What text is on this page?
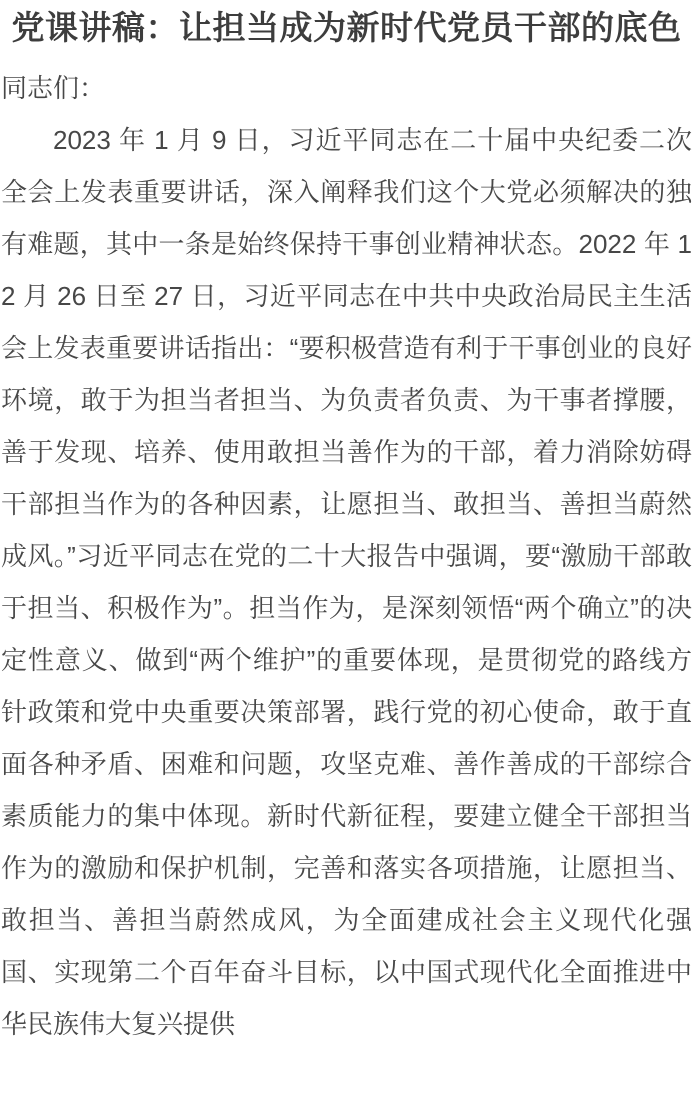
党课讲稿：让担当成为新时代党员干部的底色

同志们：

2023 年 1 月 9 日，习近平同志在二十届中央纪委二次全会上发表重要讲话，深入阐释我们这个大党必须解决的独有难题，其中一条是始终保持干事创业精神状态。2022 年 12 月 26 日至 27 日，习近平同志在中共中央政治局民主生活会上发表重要讲话指出：“要积极营造有利于干事创业的良好环境，敢于为担当者担当、为负责者负责、为干事者撑腰，善于发现、培养、使用敢担当善作为的干部，着力消除妨碍干部担当作为的各种因素，让愿担当、敢担当、善担当蔚然成风。”习近平同志在党的二十大报告中强调，要“激励干部敢于担当、积极作为”。担当作为，是深刻领悟“两个确立”的决定性意义、做到“两个维护”的重要体现，是贯彻党的路线方针政策和党中央重要决策部署，践行党的初心使命，敢于直面各种矛盾、困难和问题，攻坚克难、善作善成的干部综合素质能力的集中体现。新时代新征程，要建立健全干部担当作为的激励和保护机制，完善和落实各项措施，让愿担当、敢担当、善担当蔚然成风，为全面建成社会主义现代化强国、实现第二个百年奋斗目标，以中国式现代化全面推进中华民族伟大复兴提供
